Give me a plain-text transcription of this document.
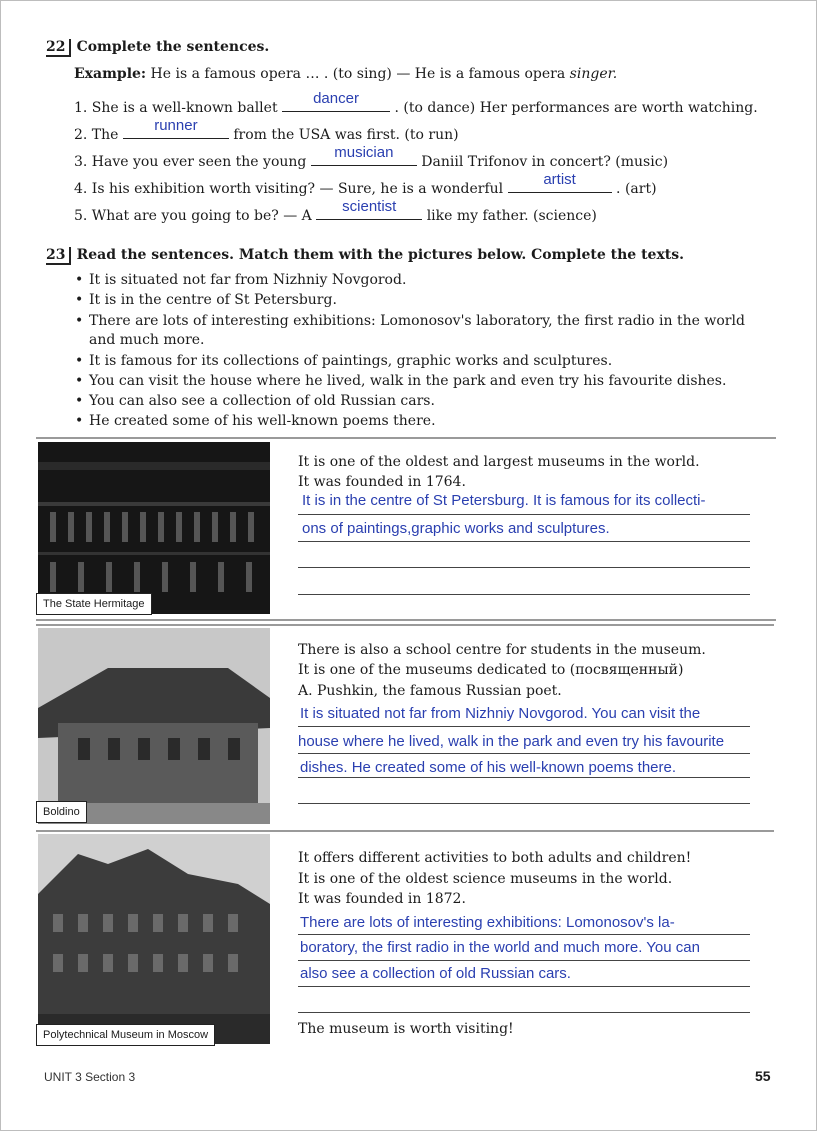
22 Complete the sentences.
Example: He is a famous opera … . (to sing) — He is a famous opera singer.
1. She is a well-known ballet
dancer
. (to dance) Her performances are worth watching.
2. The
runner
from the USA was first. (to run)
3. Have you ever seen the young
musician
Daniil Trifonov in concert? (music)
4. Is his exhibition worth visiting? — Sure, he is a wonderful
artist
. (art)
5. What are you going to be? — A
scientist
like my father. (science)
23 Read the sentences. Match them with the pictures below. Complete the texts.
• It is situated not far from Nizhniy Novgorod.
• It is in the centre of St Petersburg.
• There are lots of interesting exhibitions: Lomonosov's laboratory, the first radio in the world
and much more.
• It is famous for its collections of paintings, graphic works and sculptures.
• You can visit the house where he lived, walk in the park and even try his favourite dishes.
• You can also see a collection of old Russian cars.
• He created some of his well-known poems there.
The State Hermitage
It is one of the oldest and largest museums in the world.
It was founded in 1764.
It is in the centre of St Petersburg. It is famous for its collecti-
ons of paintings,graphic works and sculptures.
Boldino
There is also a school centre for students in the museum.
It is one of the museums dedicated to (посвященный)
A. Pushkin, the famous Russian poet.
It is situated not far from Nizhniy Novgorod. You can visit the
house where he lived, walk in the park and even try his favourite
dishes. He created some of his well-known poems there.
Polytechnical Museum in Moscow
It offers different activities to both adults and children!
It is one of the oldest science museums in the world.
It was founded in 1872.
There are lots of interesting exhibitions: Lomonosov's la-
boratory, the first radio in the world and much more. You can
also see a collection of old Russian cars.
The museum is worth visiting!
UNIT 3 Section 3	55
